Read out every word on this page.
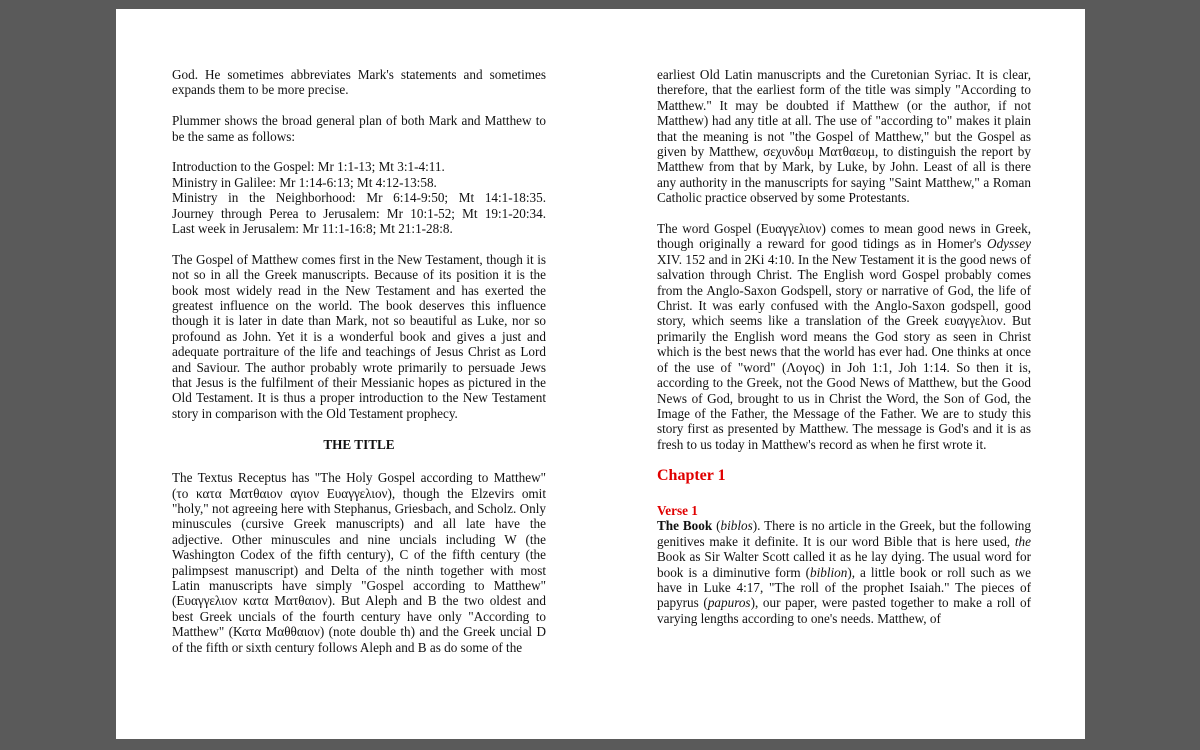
God. He sometimes abbreviates Mark's statements and sometimes expands them to be more precise.

Plummer shows the broad general plan of both Mark and Matthew to be the same as follows:

Introduction to the Gospel: Mr 1:1-13; Mt 3:1-4:11.
Ministry in Galilee: Mr 1:14-6:13; Mt 4:12-13:58.
Ministry in the Neighborhood: Mr 6:14-9:50; Mt 14:1-18:35.
Journey through Perea to Jerusalem: Mr 10:1-52; Mt 19:1-20:34.
Last week in Jerusalem: Mr 11:1-16:8; Mt 21:1-28:8.

The Gospel of Matthew comes first in the New Testament, though it is not so in all the Greek manuscripts. Because of its position it is the book most widely read in the New Testament and has exerted the greatest influence on the world. The book deserves this influence though it is later in date than Mark, not so beautiful as Luke, nor so profound as John. Yet it is a wonderful book and gives a just and adequate portraiture of the life and teachings of Jesus Christ as Lord and Saviour. The author probably wrote primarily to persuade Jews that Jesus is the fulfilment of their Messianic hopes as pictured in the Old Testament. It is thus a proper introduction to the New Testament story in comparison with the Old Testament prophecy.

THE TITLE

The Textus Receptus has "The Holy Gospel according to Matthew" (το κατα Ματθαιον αγιον Ευαγγελιον), though the Elzevirs omit "holy," not agreeing here with Stephanus, Griesbach, and Scholz. Only minuscules (cursive Greek manuscripts) and all late have the adjective. Other minuscules and nine uncials including W (the Washington Codex of the fifth century), C of the fifth century (the palimpsest manuscript) and Delta of the ninth together with most Latin manuscripts have simply "Gospel according to Matthew" (Ευαγγελιον κατα Ματθαιον). But Aleph and B the two oldest and best Greek uncials of the fourth century have only "According to Matthew" (Κατα Μαθθαιον) (note double th) and the Greek uncial D of the fifth or sixth century follows Aleph and B as do some of the

earliest Old Latin manuscripts and the Curetonian Syriac. It is clear, therefore, that the earliest form of the title was simply "According to Matthew." It may be doubted if Matthew (or the author, if not Matthew) had any title at all. The use of "according to" makes it plain that the meaning is not "the Gospel of Matthew," but the Gospel as given by Matthew, σεχυνδυμ Ματθαευμ, to distinguish the report by Matthew from that by Mark, by Luke, by John. Least of all is there any authority in the manuscripts for saying "Saint Matthew," a Roman Catholic practice observed by some Protestants.

The word Gospel (Ευαγγελιον) comes to mean good news in Greek, though originally a reward for good tidings as in Homer's Odyssey XIV. 152 and in 2Ki 4:10. In the New Testament it is the good news of salvation through Christ. The English word Gospel probably comes from the Anglo-Saxon Godspell, story or narrative of God, the life of Christ. It was early confused with the Anglo-Saxon godspell, good story, which seems like a translation of the Greek ευαγγελιον. But primarily the English word means the God story as seen in Christ which is the best news that the world has ever had. One thinks at once of the use of "word" (Λογος) in Joh 1:1, Joh 1:14. So then it is, according to the Greek, not the Good News of Matthew, but the Good News of God, brought to us in Christ the Word, the Son of God, the Image of the Father, the Message of the Father. We are to study this story first as presented by Matthew. The message is God's and it is as fresh to us today in Matthew's record as when he first wrote it.

Chapter 1
Verse 1

The Book (biblos). There is no article in the Greek, but the following genitives make it definite. It is our word Bible that is here used, the Book as Sir Walter Scott called it as he lay dying. The usual word for book is a diminutive form (biblion), a little book or roll such as we have in Luke 4:17, "The roll of the prophet Isaiah." The pieces of papyrus (papuros), our paper, were pasted together to make a roll of varying lengths according to one's needs. Matthew, of
